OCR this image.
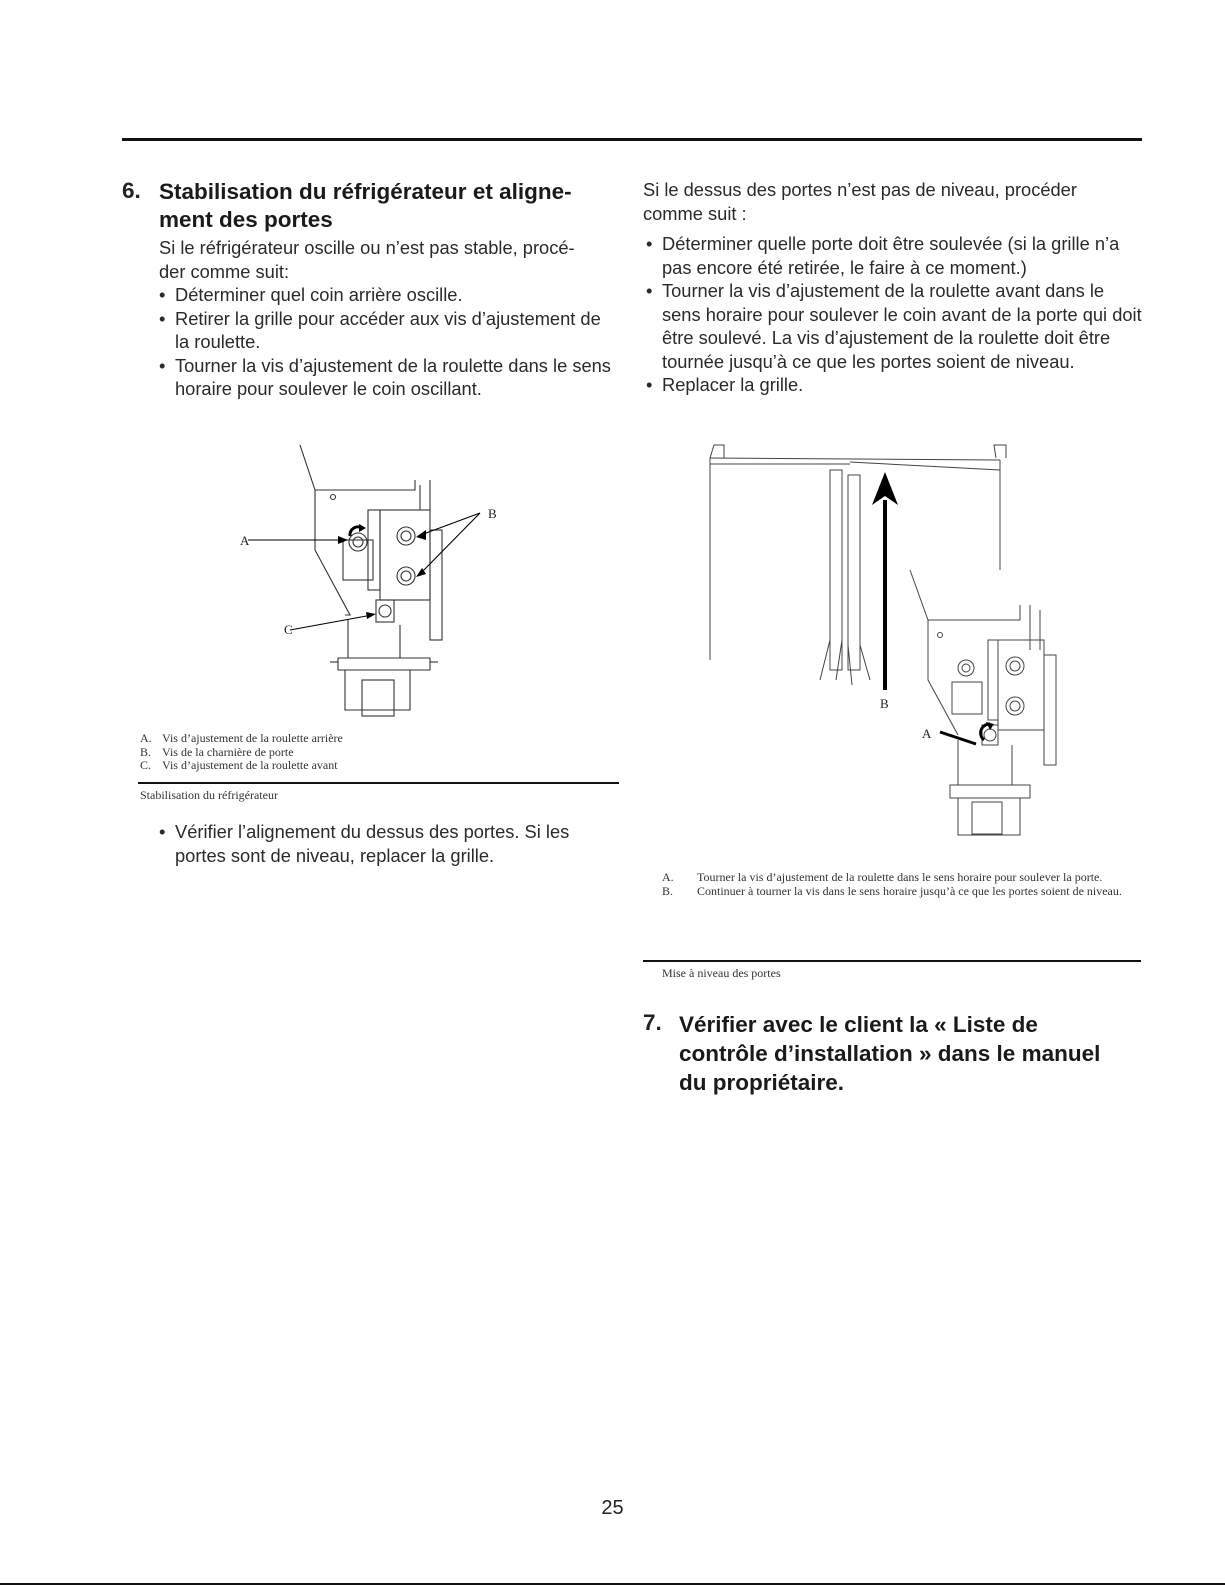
6. Stabilisation du réfrigérateur et aligne-
ment des portes
Si le réfrigérateur oscille ou n’est pas stable, procé-
der comme suit:
• Déterminer quel coin arrière oscille.
• Retirer la grille pour accéder aux vis d’ajustement de la roulette.
• Tourner la vis d’ajustement de la roulette dans le sens horaire pour soulever le coin oscillant.
A
B
C
A. Vis d’ajustement de la roulette arrière
B. Vis de la charnière de porte
C. Vis d’ajustement de la roulette avant
Stabilisation du réfrigérateur
• Vérifier l’alignement du dessus des portes. Si les portes sont de niveau, replacer la grille.
Si le dessus des portes n’est pas de niveau, procéder
comme suit :
• Déterminer quelle porte doit être soulevée (si la grille n’a pas encore été retirée, le faire à ce moment.)
• Tourner la vis d’ajustement de la roulette avant dans le sens horaire pour soulever le coin avant de la porte qui doit être soulevé. La vis d’ajustement de la roulette doit être tournée jusqu’à ce que les portes soient de niveau.
• Replacer la grille.
B
A
A.	Tourner la vis d’ajustement de la roulette dans le sens horaire pour soulever la porte.
B.	Continuer à tourner la vis dans le sens horaire jusqu’à ce que les portes soient de niveau.
Mise à niveau des portes
7. Vérifier avec le client la « Liste de
contrôle d’installation » dans le manuel
du propriétaire.
25
